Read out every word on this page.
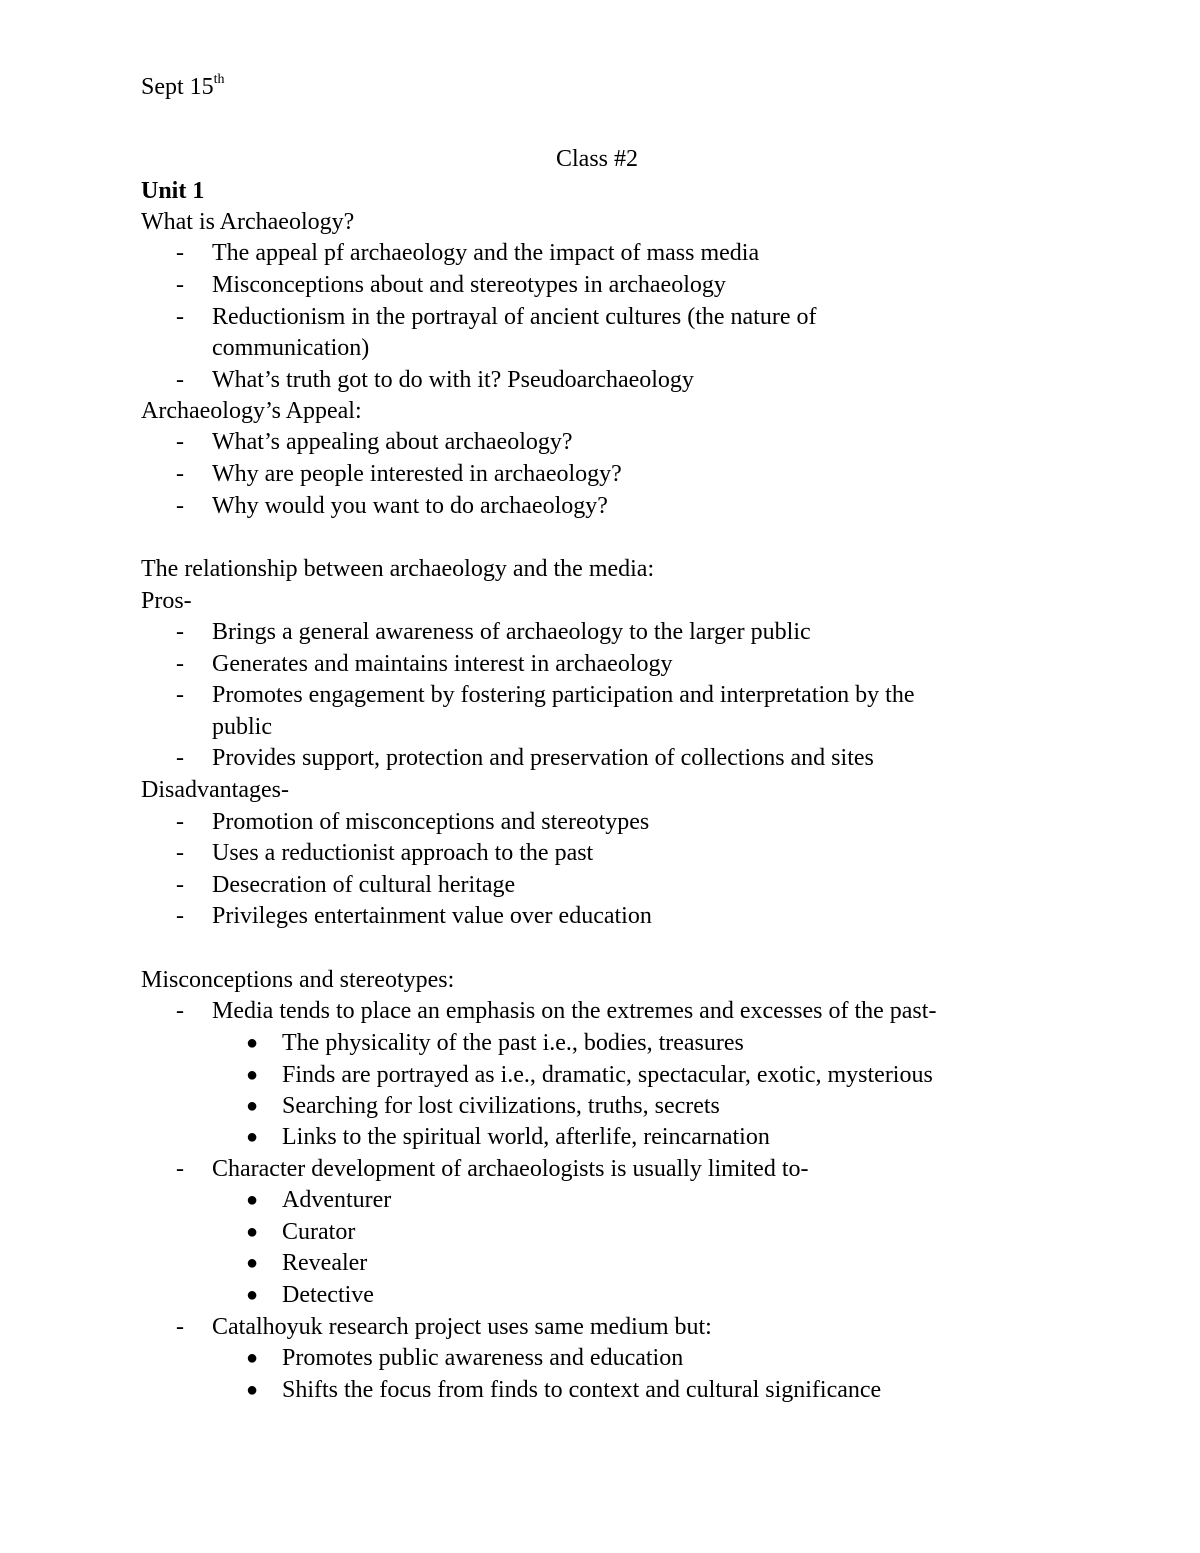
Sept 15th
Class #2
Unit 1
What is Archaeology?
- The appeal pf archaeology and the impact of mass media
- Misconceptions about and stereotypes in archaeology
- Reductionism in the portrayal of ancient cultures (the nature of
communication)
- What’s truth got to do with it? Pseudoarchaeology
Archaeology’s Appeal:
- What’s appealing about archaeology?
- Why are people interested in archaeology?
- Why would you want to do archaeology?
The relationship between archaeology and the media:
Pros-
- Brings a general awareness of archaeology to the larger public
- Generates and maintains interest in archaeology
- Promotes engagement by fostering participation and interpretation by the
public
- Provides support, protection and preservation of collections and sites
Disadvantages-
- Promotion of misconceptions and stereotypes
- Uses a reductionist approach to the past
- Desecration of cultural heritage
- Privileges entertainment value over education
Misconceptions and stereotypes:
- Media tends to place an emphasis on the extremes and excesses of the past-
● The physicality of the past i.e., bodies, treasures
● Finds are portrayed as i.e., dramatic, spectacular, exotic, mysterious
● Searching for lost civilizations, truths, secrets
● Links to the spiritual world, afterlife, reincarnation
- Character development of archaeologists is usually limited to-
● Adventurer
● Curator
● Revealer
● Detective
- Catalhoyuk research project uses same medium but:
● Promotes public awareness and education
● Shifts the focus from finds to context and cultural significance
